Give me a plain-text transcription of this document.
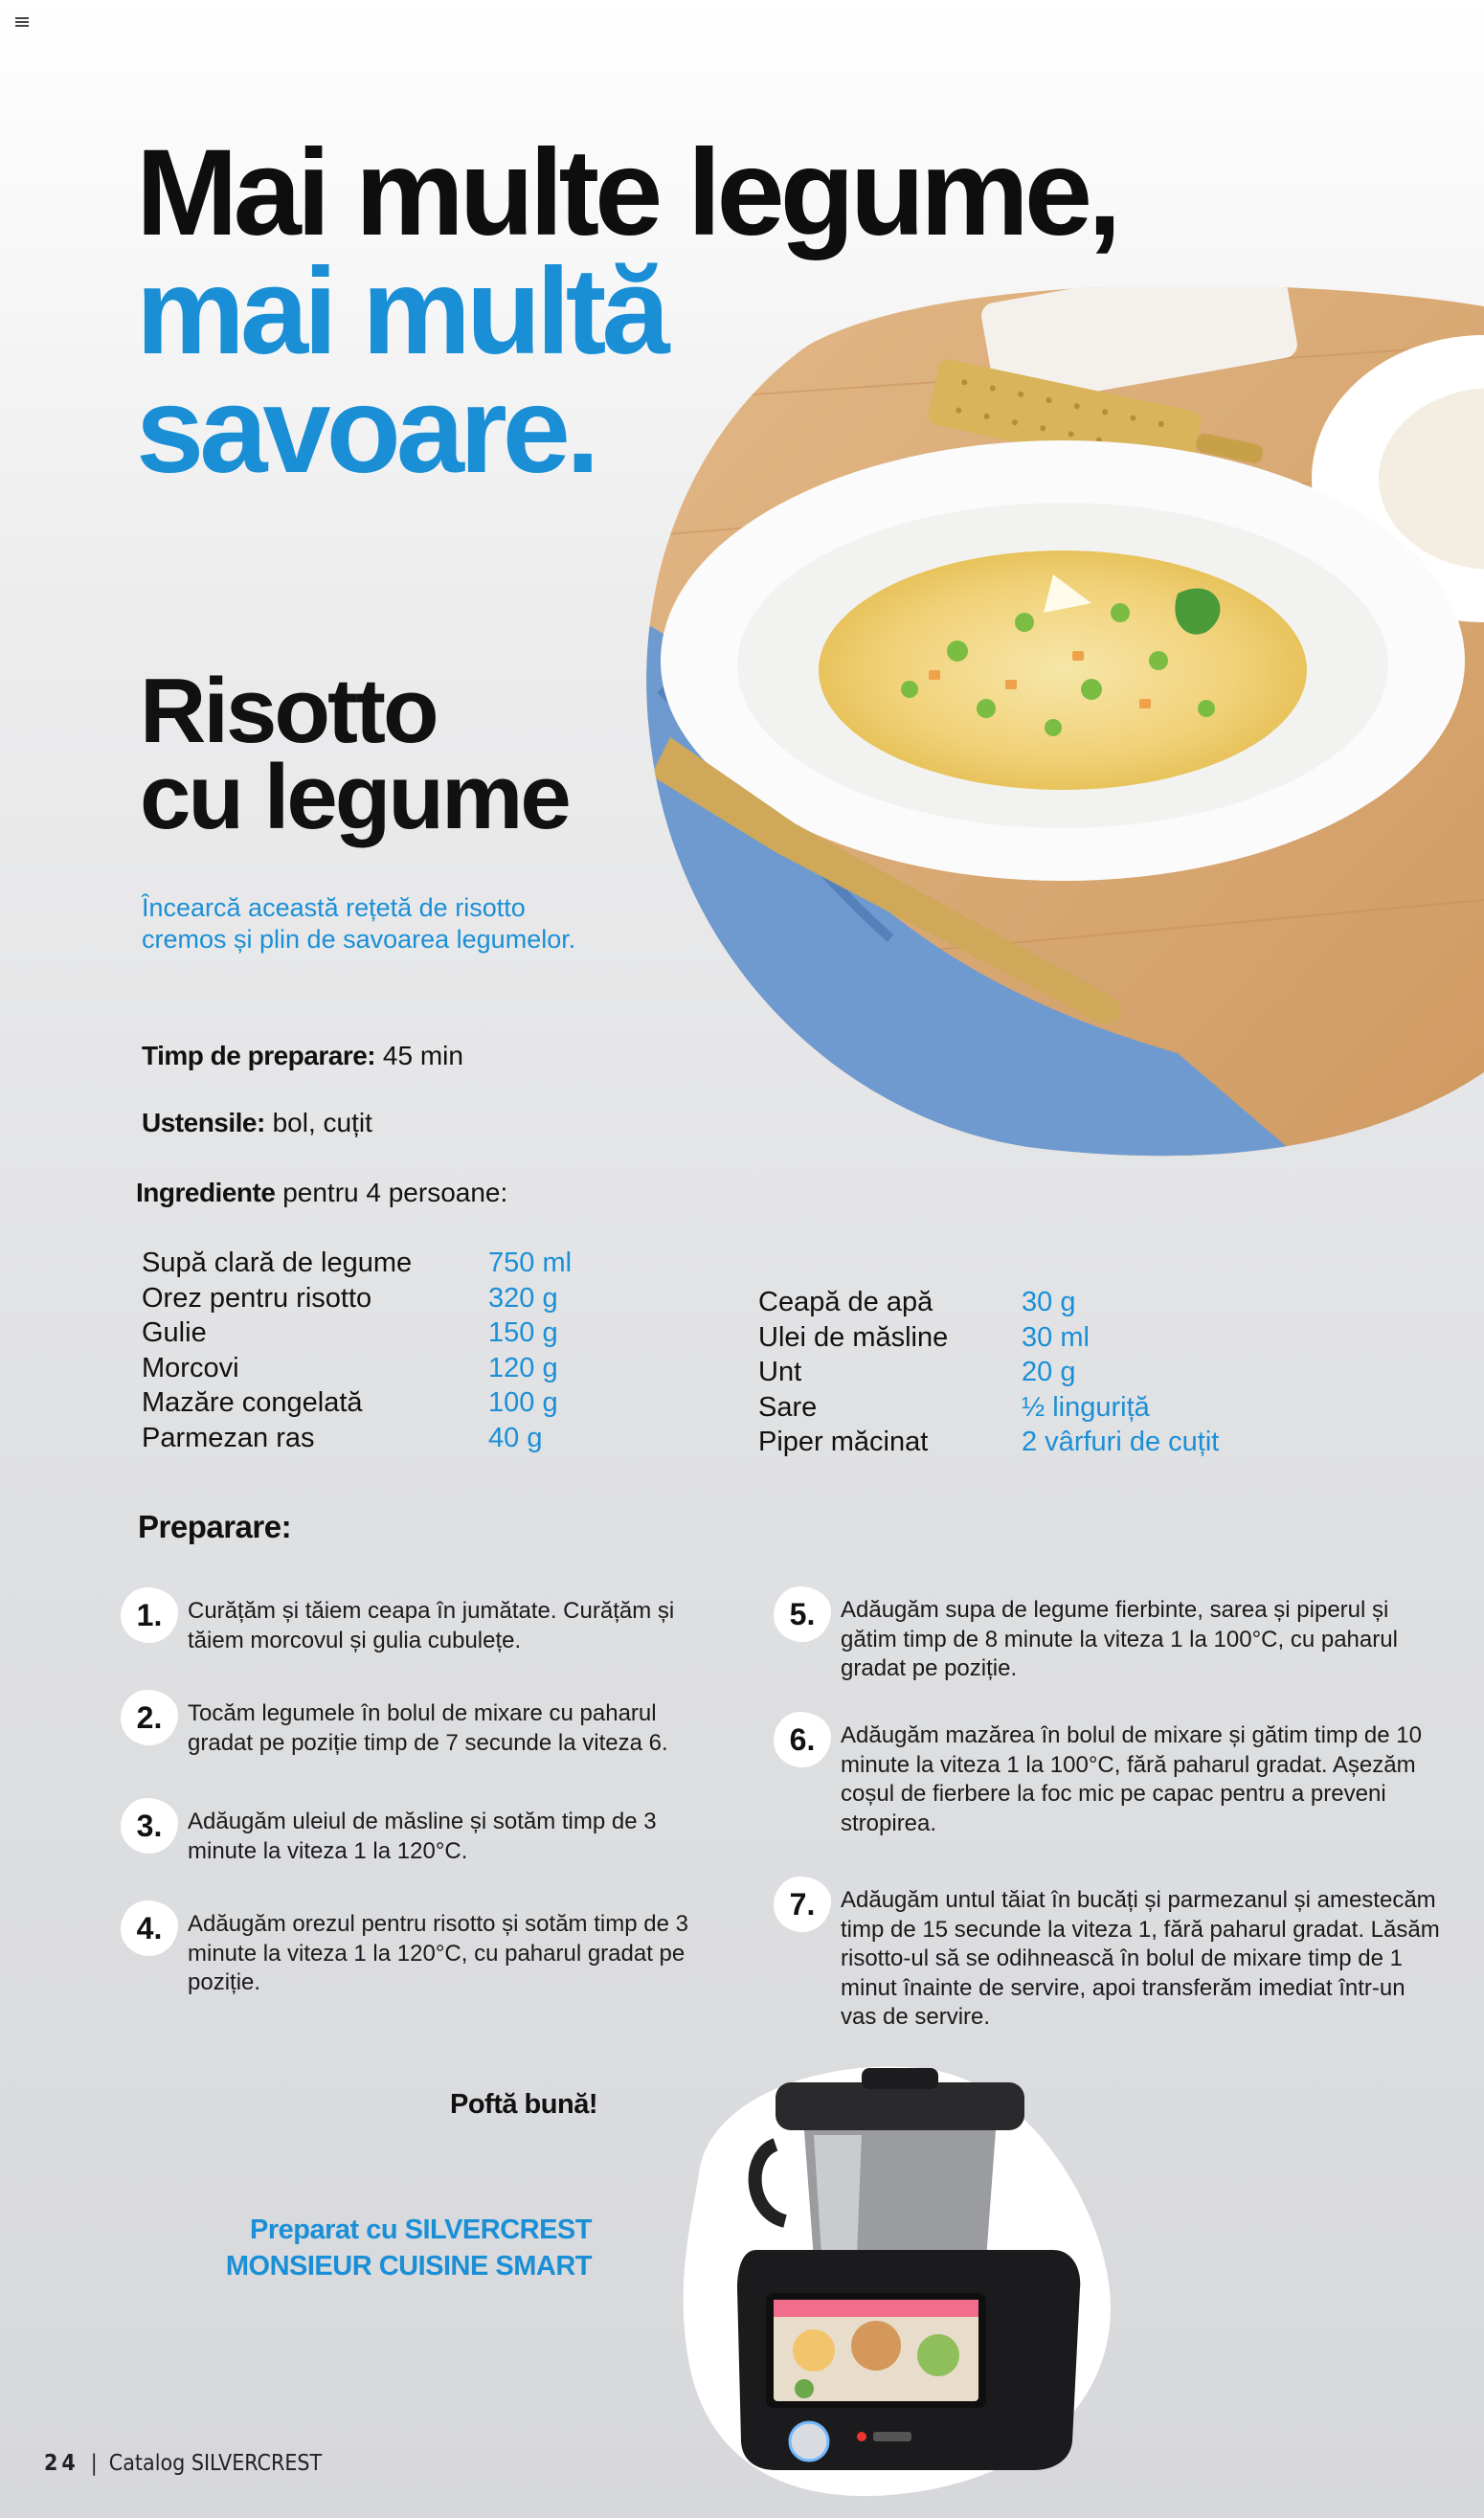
Mai multe legume,
mai multă
savoare.
Risotto
cu legume

Încearcă această rețetă de risotto cremos și plin de savoarea legumelor.

Timp de preparare: 45 min
Ustensile: bol, cuțit
Ingrediente pentru 4 persoane:
Supă clară de legume	750 ml
Orez pentru risotto	320 g
Gulie	150 g
Morcovi	120 g
Mazăre congelată	100 g
Parmezan ras	40 g
Ceapă de apă	30 g
Ulei de măsline	30 ml
Unt	20 g
Sare	½ linguriță
Piper măcinat	2 vârfuri de cuțit
Preparare:
1.	Curățăm și tăiem ceapa în jumătate. Curățăm și tăiem morcovul și gulia cubulețe.

2.	Tocăm legumele în bolul de mixare cu paharul gradat pe poziție timp de 7 secunde la viteza 6.

3.	Adăugăm uleiul de măsline și sotăm timp de 3 minute la viteza 1 la 120°C.

4.	Adăugăm orezul pentru risotto și sotăm timp de 3 minute la viteza 1 la 120°C, cu paharul gradat pe poziție.

5.	Adăugăm supa de legume fierbinte, sarea și piperul și gătim timp de 8 minute la viteza 1 la 100°C, cu paharul gradat pe poziție.

6.	Adăugăm mazărea în bolul de mixare și gătim timp de 10 minute la viteza 1 la 100°C, fără paharul gradat. Așezăm coșul de fierbere la foc mic pe capac pentru a preveni stropirea.

7.	Adăugăm untul tăiat în bucăți și parmezanul și amestecăm timp de 15 secunde la viteza 1, fără paharul gradat. Lăsăm risotto-ul să se odihnească în bolul de mixare timp de 1 minut înainte de servire, apoi transferăm imediat într-un vas de servire.

Poftă bună!
Preparat cu SILVERCREST
MONSIEUR CUISINE SMART
24 | Catalog SILVERCREST
